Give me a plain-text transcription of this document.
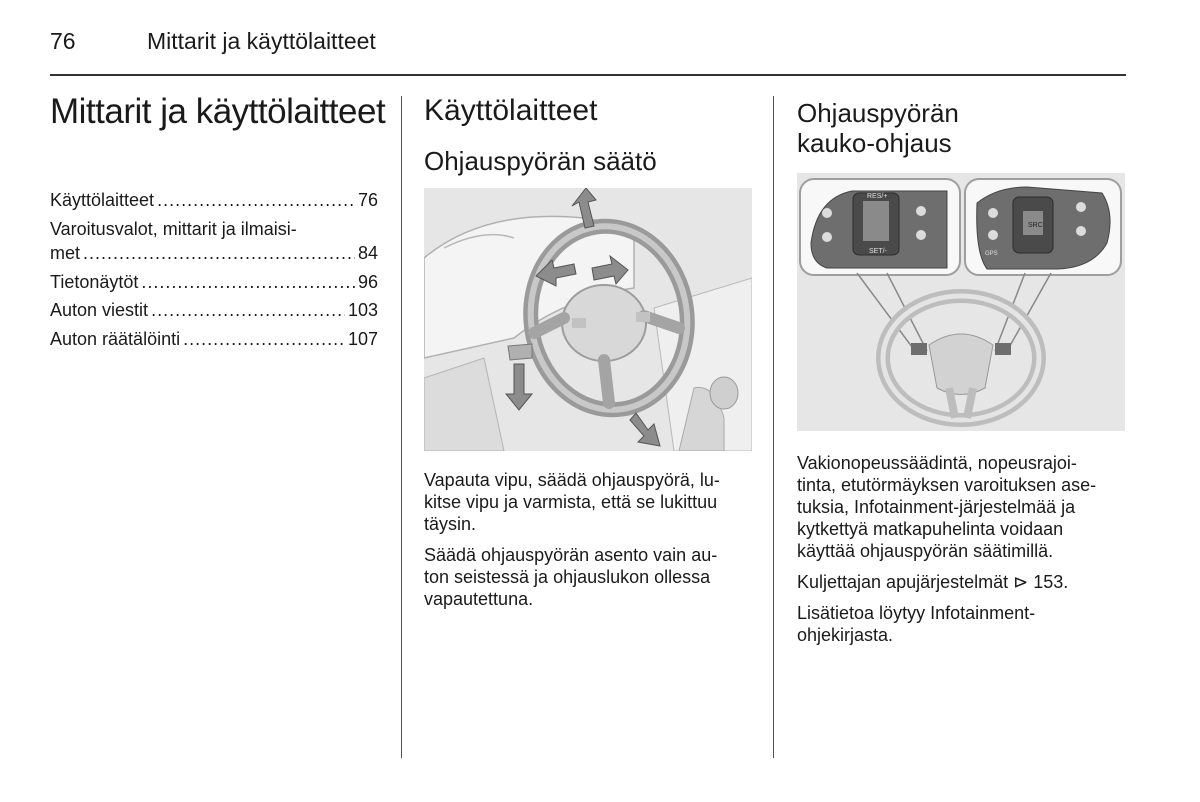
76	Mittarit ja käyttölaitteet
Mittarit ja käyttölaitteet
Käyttölaitteet .....	76
Varoitusvalot, mittarit ja ilmaisi-
met .....	84
Tietonäytöt .....	96
Auton viestit .....	103
Auton räätälöinti .....	107
Käyttölaitteet
Ohjauspyörän säätö

Vapauta vipu, säädä ohjauspyörä, lu-
kitse vipu ja varmista, että se lukittuu
täysin.

Säädä ohjauspyörän asento vain au-
ton seistessä ja ohjauslukon ollessa
vapautettuna.

Ohjauspyörän
kauko-ohjaus
RES/+
SET/-
SRC
GPS

Vakionopeussäädintä, nopeusrajoi-
tinta, etutörmäyksen varoituksen ase-
tuksia, Infotainment-järjestelmää ja
kytkettyä matkapuhelinta voidaan
käyttää ohjauspyörän säätimillä.

Kuljettajan apujärjestelmät ⊳ 153.

Lisätietoa löytyy Infotainment-
ohjekirjasta.
